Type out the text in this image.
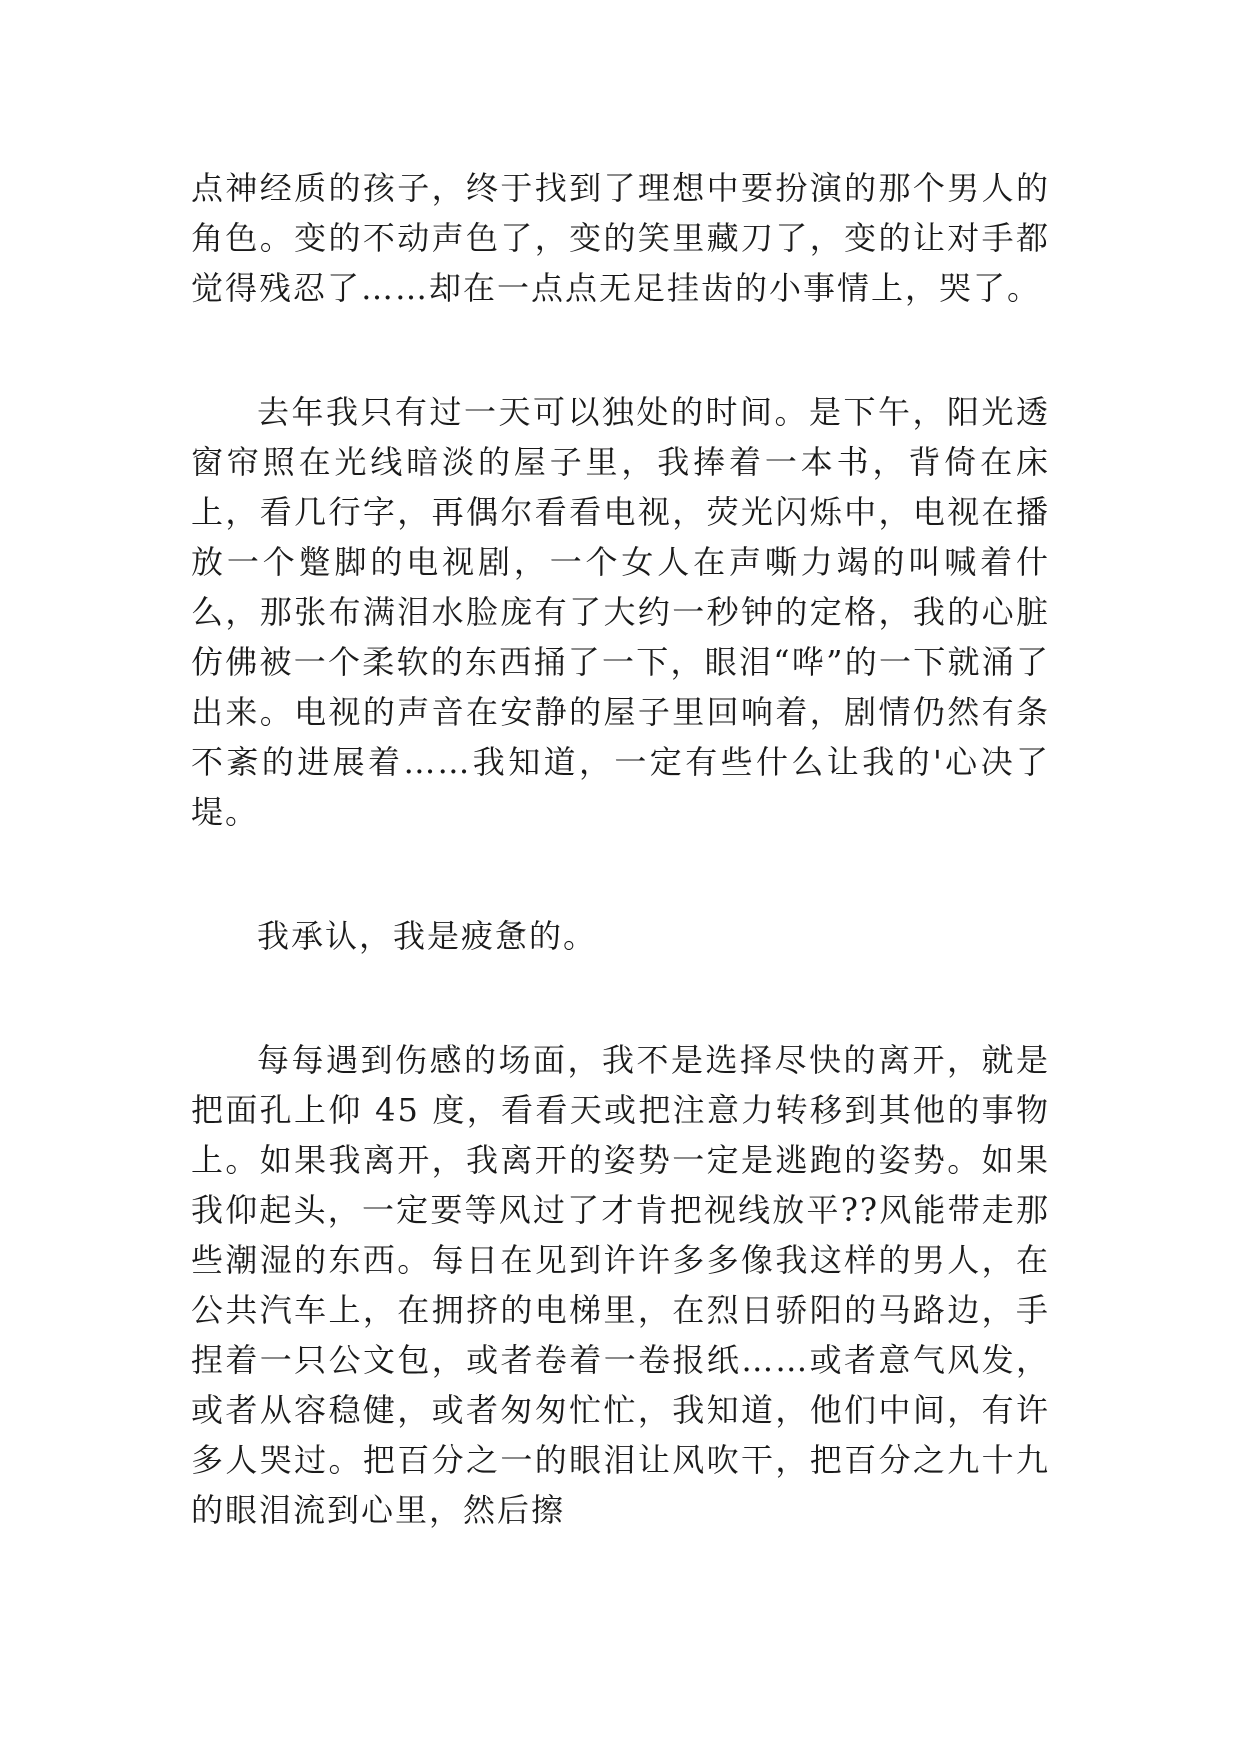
点神经质的孩子，终于找到了理想中要扮演的那个男人的角色。变的不动声色了，变的笑里藏刀了，变的让对手都觉得残忍了……却在一点点无足挂齿的小事情上，哭了。

去年我只有过一天可以独处的时间。是下午，阳光透窗帘照在光线暗淡的屋子里，我捧着一本书，背倚在床上，看几行字，再偶尔看看电视，荧光闪烁中，电视在播放一个蹩脚的电视剧，一个女人在声嘶力竭的叫喊着什么，那张布满泪水脸庞有了大约一秒钟的定格，我的心脏仿佛被一个柔软的东西捅了一下，眼泪“哗”的一下就涌了出来。电视的声音在安静的屋子里回响着，剧情仍然有条不紊的进展着……我知道，一定有些什么让我的'心决了堤。

我承认，我是疲惫的。

每每遇到伤感的场面，我不是选择尽快的离开，就是把面孔上仰 45 度，看看天或把注意力转移到其他的事物上。如果我离开，我离开的姿势一定是逃跑的姿势。如果我仰起头，一定要等风过了才肯把视线放平??风能带走那些潮湿的东西。每日在见到许许多多像我这样的男人，在公共汽车上，在拥挤的电梯里，在烈日骄阳的马路边，手捏着一只公文包，或者卷着一卷报纸……或者意气风发，或者从容稳健，或者匆匆忙忙，我知道，他们中间，有许多人哭过。把百分之一的眼泪让风吹干，把百分之九十九的眼泪流到心里，然后擦
